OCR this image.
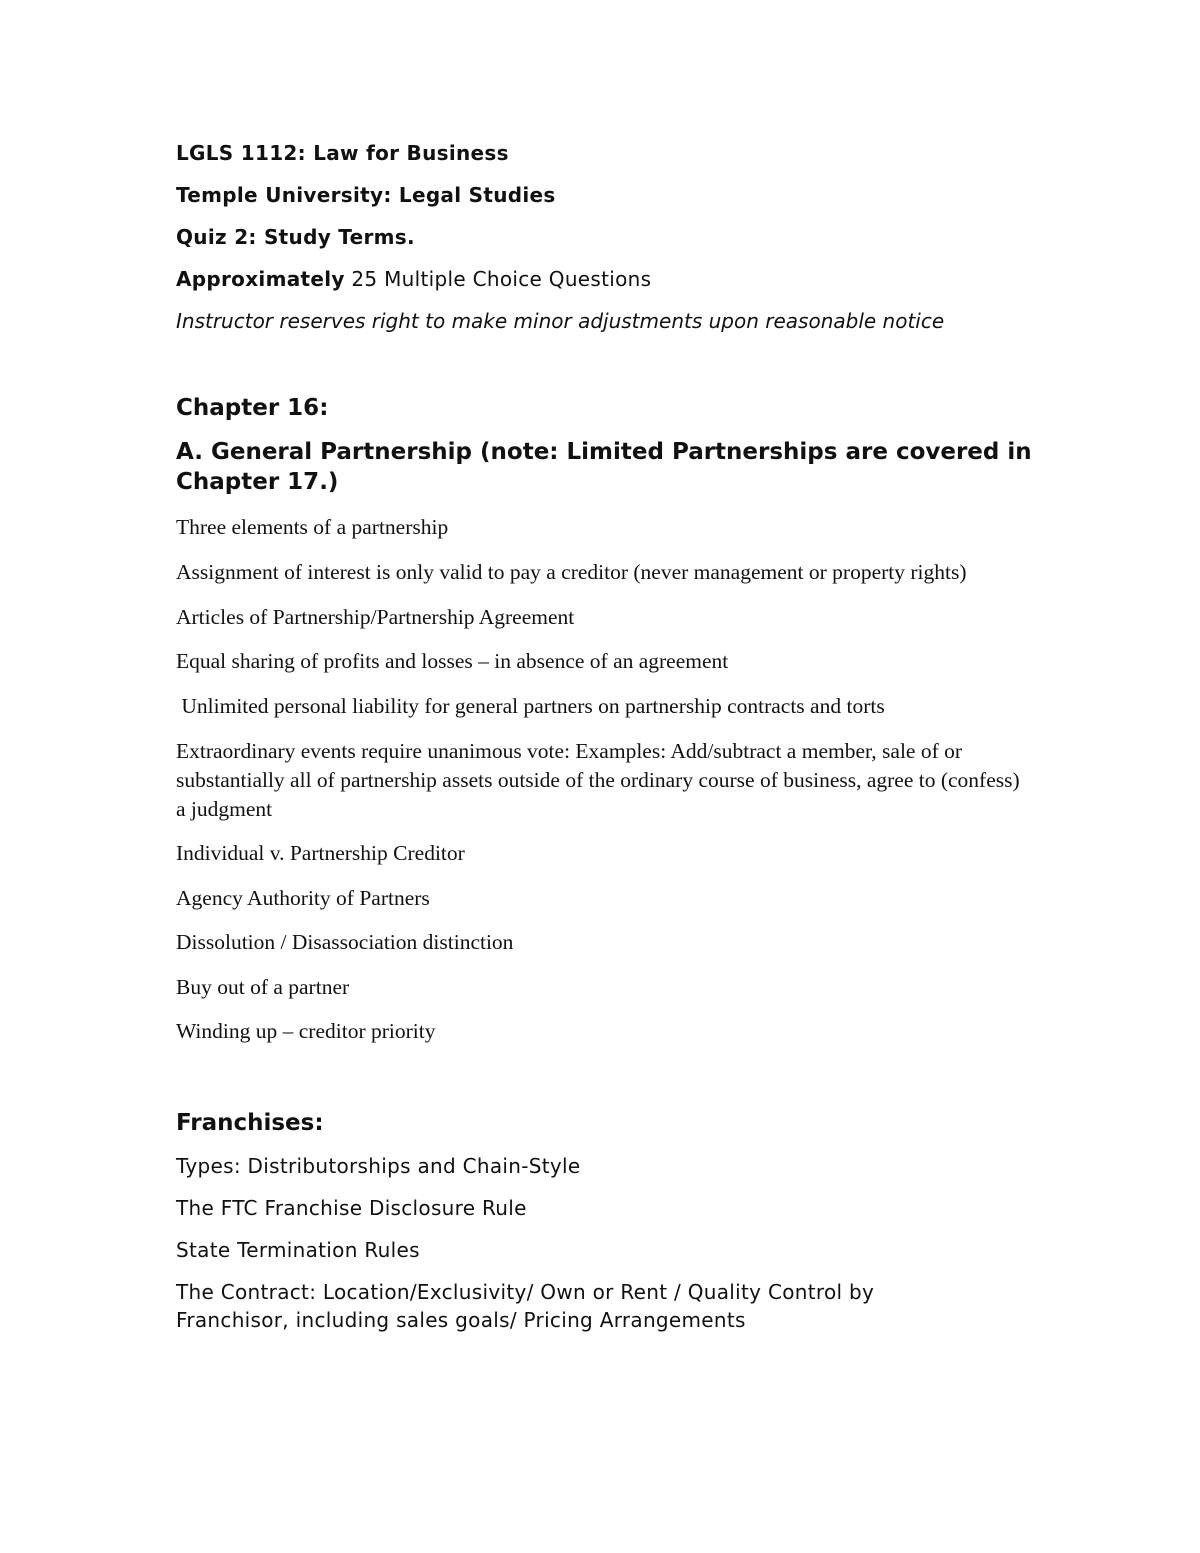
LGLS 1112: Law for Business

Temple University: Legal Studies

Quiz 2: Study Terms.

Approximately 25 Multiple Choice Questions

Instructor reserves right to make minor adjustments upon reasonable notice

Chapter 16:

A. General Partnership (note: Limited Partnerships are covered in Chapter 17.)

Three elements of a partnership

Assignment of interest is only valid to pay a creditor (never management or property rights)

Articles of Partnership/Partnership Agreement

Equal sharing of profits and losses – in absence of an agreement

Unlimited personal liability for general partners on partnership contracts and torts

Extraordinary events require unanimous vote: Examples: Add/subtract a member, sale of or substantially all of partnership assets outside of the ordinary course of business, agree to (confess) a judgment

Individual v. Partnership Creditor

Agency Authority of Partners

Dissolution / Disassociation distinction

Buy out of a partner

Winding up – creditor priority

Franchises:

Types: Distributorships and Chain-Style

The FTC Franchise Disclosure Rule

State Termination Rules

The Contract: Location/Exclusivity/ Own or Rent / Quality Control by Franchisor, including sales goals/ Pricing Arrangements
